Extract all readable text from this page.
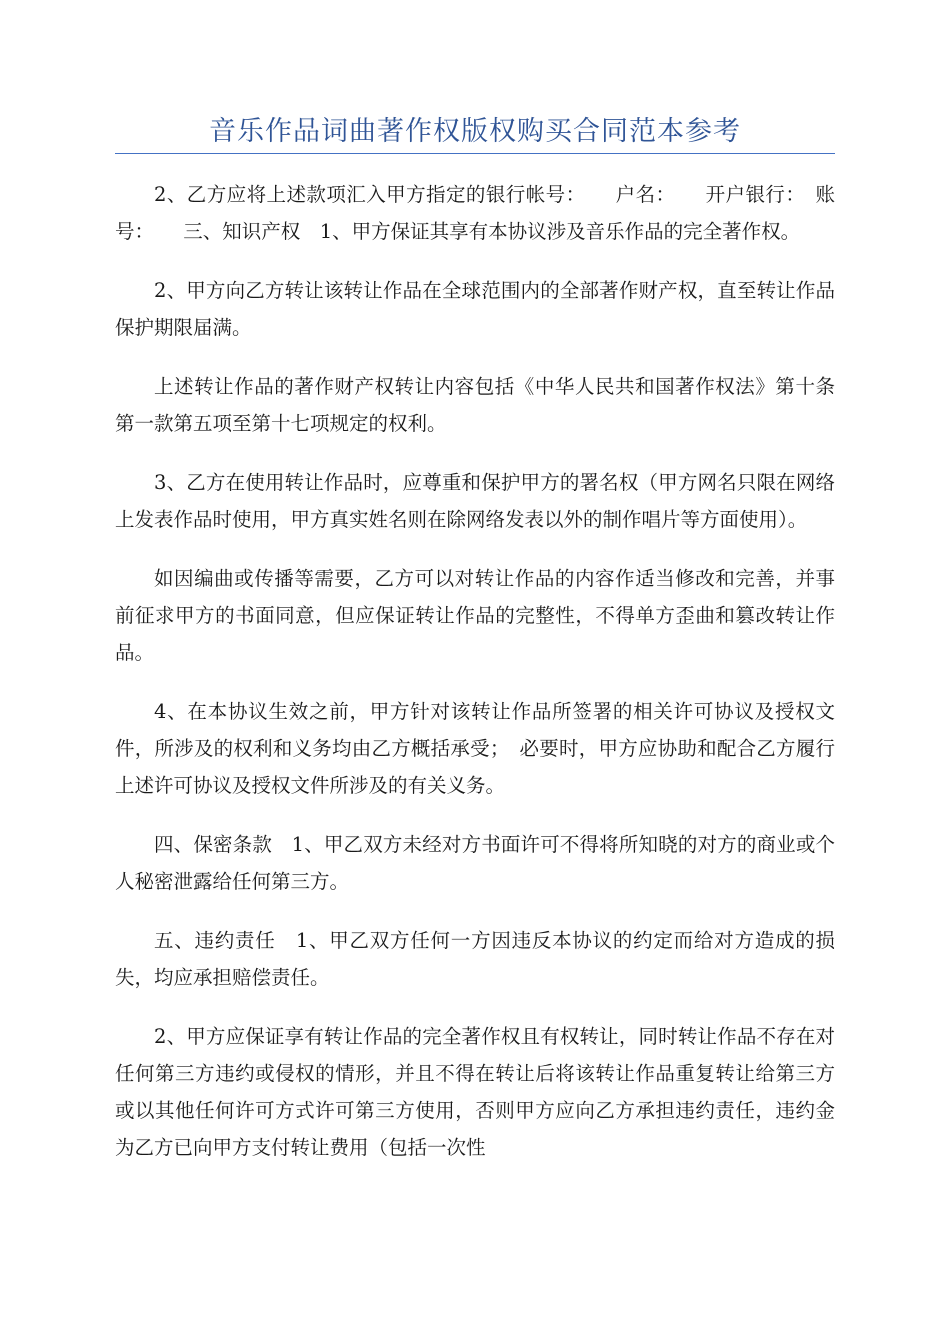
音乐作品词曲著作权版权购买合同范本参考

2、乙方应将上述款项汇入甲方指定的银行帐号：　　户名：　　开户银行：　账号：　　三、知识产权　1、甲方保证其享有本协议涉及音乐作品的完全著作权。

2、甲方向乙方转让该转让作品在全球范围内的全部著作财产权，直至转让作品保护期限届满。

上述转让作品的著作财产权转让内容包括《中华人民共和国著作权法》第十条第一款第五项至第十七项规定的权利。

3、乙方在使用转让作品时，应尊重和保护甲方的署名权（甲方网名只限在网络上发表作品时使用，甲方真实姓名则在除网络发表以外的制作唱片等方面使用）。

如因编曲或传播等需要，乙方可以对转让作品的内容作适当修改和完善，并事前征求甲方的书面同意，但应保证转让作品的完整性，不得单方歪曲和篡改转让作品。

4、在本协议生效之前，甲方针对该转让作品所签署的相关许可协议及授权文件，所涉及的权利和义务均由乙方概括承受；　必要时，甲方应协助和配合乙方履行上述许可协议及授权文件所涉及的有关义务。

四、保密条款　1、甲乙双方未经对方书面许可不得将所知晓的对方的商业或个人秘密泄露给任何第三方。

五、违约责任　1、甲乙双方任何一方因违反本协议的约定而给对方造成的损失，均应承担赔偿责任。

2、甲方应保证享有转让作品的完全著作权且有权转让，同时转让作品不存在对任何第三方违约或侵权的情形，并且不得在转让后将该转让作品重复转让给第三方或以其他任何许可方式许可第三方使用，否则甲方应向乙方承担违约责任，违约金为乙方已向甲方支付转让费用（包括一次性
